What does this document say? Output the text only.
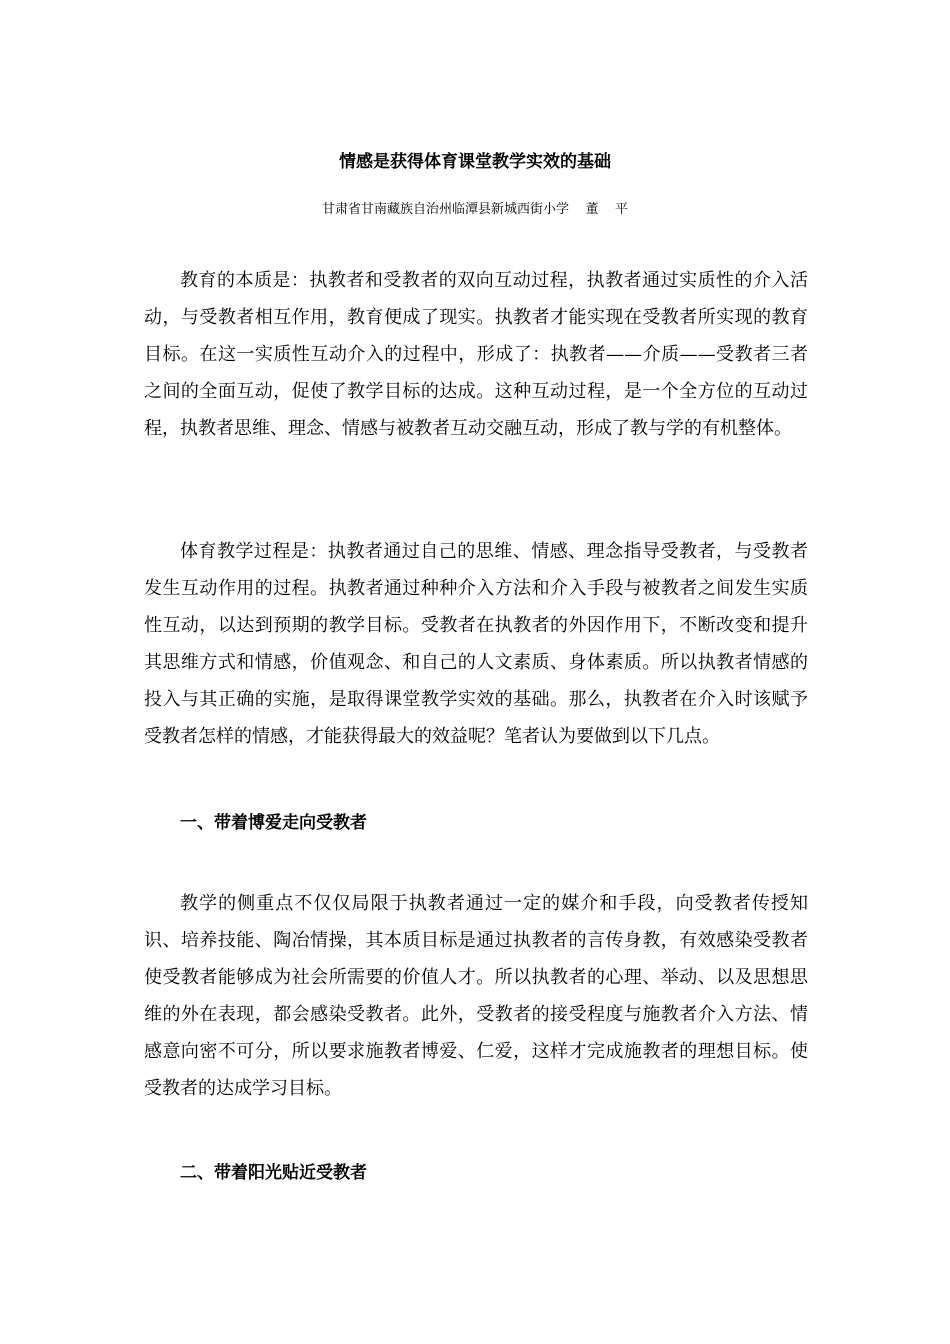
情感是获得体育课堂教学实效的基础
甘肃省甘南藏族自治州临潭县新城西街小学    董    平

教育的本质是：执教者和受教者的双向互动过程，执教者通过实质性的介入活动，与受教者相互作用，教育便成了现实。执教者才能实现在受教者所实现的教育目标。在这一实质性互动介入的过程中，形成了：执教者——介质——受教者三者之间的全面互动，促使了教学目标的达成。这种互动过程，是一个全方位的互动过程，执教者思维、理念、情感与被教者互动交融互动，形成了教与学的有机整体。

体育教学过程是：执教者通过自己的思维、情感、理念指导受教者，与受教者发生互动作用的过程。执教者通过种种介入方法和介入手段与被教者之间发生实质性互动，以达到预期的教学目标。受教者在执教者的外因作用下，不断改变和提升其思维方式和情感，价值观念、和自己的人文素质、身体素质。所以执教者情感的投入与其正确的实施，是取得课堂教学实效的基础。那么，执教者在介入时该赋予受教者怎样的情感，才能获得最大的效益呢？笔者认为要做到以下几点。

一、带着博爱走向受教者

教学的侧重点不仅仅局限于执教者通过一定的媒介和手段，向受教者传授知识、培养技能、陶冶情操，其本质目标是通过执教者的言传身教，有效感染受教者使受教者能够成为社会所需要的价值人才。所以执教者的心理、举动、以及思想思维的外在表现，都会感染受教者。此外，受教者的接受程度与施教者介入方法、情感意向密不可分，所以要求施教者博爱、仁爱，这样才完成施教者的理想目标。使受教者的达成学习目标。

二、带着阳光贴近受教者
